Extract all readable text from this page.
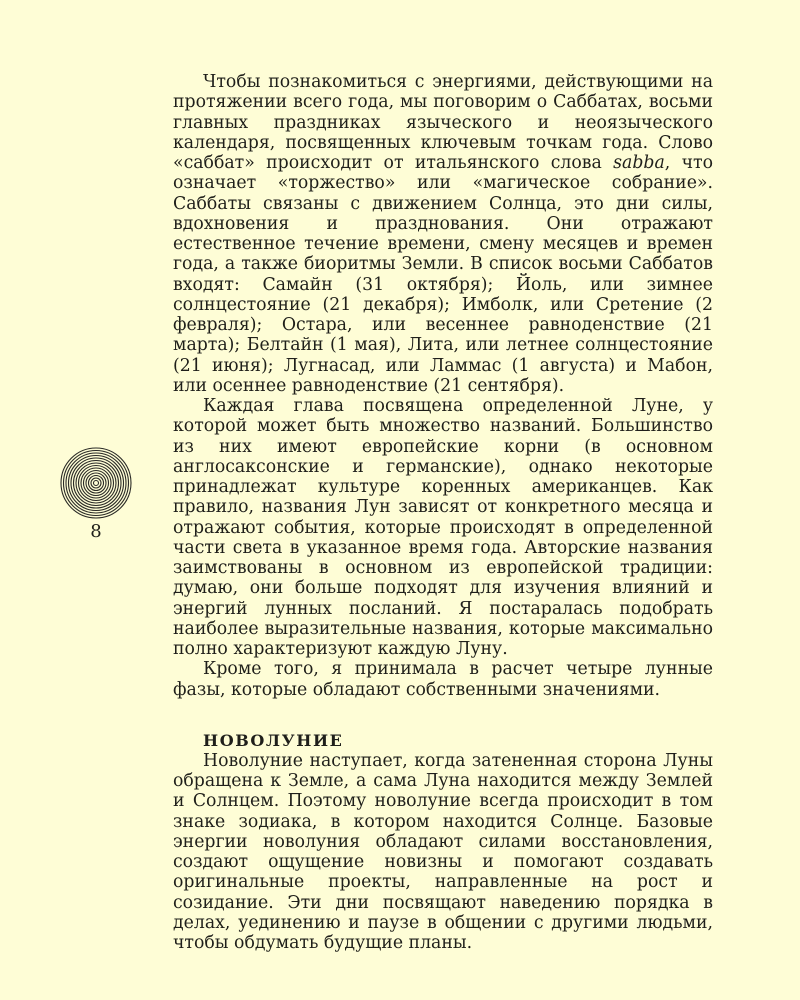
8

Чтобы познакомиться с энергиями, действующими на протяжении всего года, мы поговорим о Саббатах, восьми главных праздниках языческого и неоязыческого календаря, посвященных ключевым точкам года. Слово «саббат» происходит от итальянского слова sabba, что означает «торжество» или «магическое собрание». Саббаты связаны с движением Солнца, это дни силы, вдохновения и празднования. Они отражают естественное течение времени, смену месяцев и времен года, а также биоритмы Земли. В список восьми Саббатов входят: Самайн (31 октября); Йоль, или зимнее солнцестояние (21 декабря); Имболк, или Сретение (2 февраля); Остара, или весеннее равноденствие (21 марта); Белтайн (1 мая), Лита, или летнее солнцестояние (21 июня); Лугнасад, или Ламмас (1 августа) и Мабон, или осеннее равноденствие (21 сентября).

Каждая глава посвящена определенной Луне, у которой может быть множество названий. Большинство из них имеют европейские корни (в основном англосаксонские и германские), однако некоторые принадлежат культуре коренных американцев. Как правило, названия Лун зависят от конкретного месяца и отражают события, которые происходят в определенной части света в указанное время года. Авторские названия заимствованы в основном из европейской традиции: думаю, они больше подходят для изучения влияний и энергий лунных посланий. Я постаралась подобрать наиболее выразительные названия, которые максимально полно характеризуют каждую Луну.

Кроме того, я принимала в расчет четыре лунные фазы, которые обладают собственными значениями.

НОВОЛУНИЕ

Новолуние наступает, когда затененная сторона Луны обращена к Земле, а сама Луна находится между Землей и Солнцем. Поэтому новолуние всегда происходит в том знаке зодиака, в котором находится Солнце. Базовые энергии новолуния обладают силами восстановления, создают ощущение новизны и помогают создавать оригинальные проекты, направленные на рост и созидание. Эти дни посвящают наведению порядка в делах, уединению и паузе в общении с другими людьми, чтобы обдумать будущие планы.
